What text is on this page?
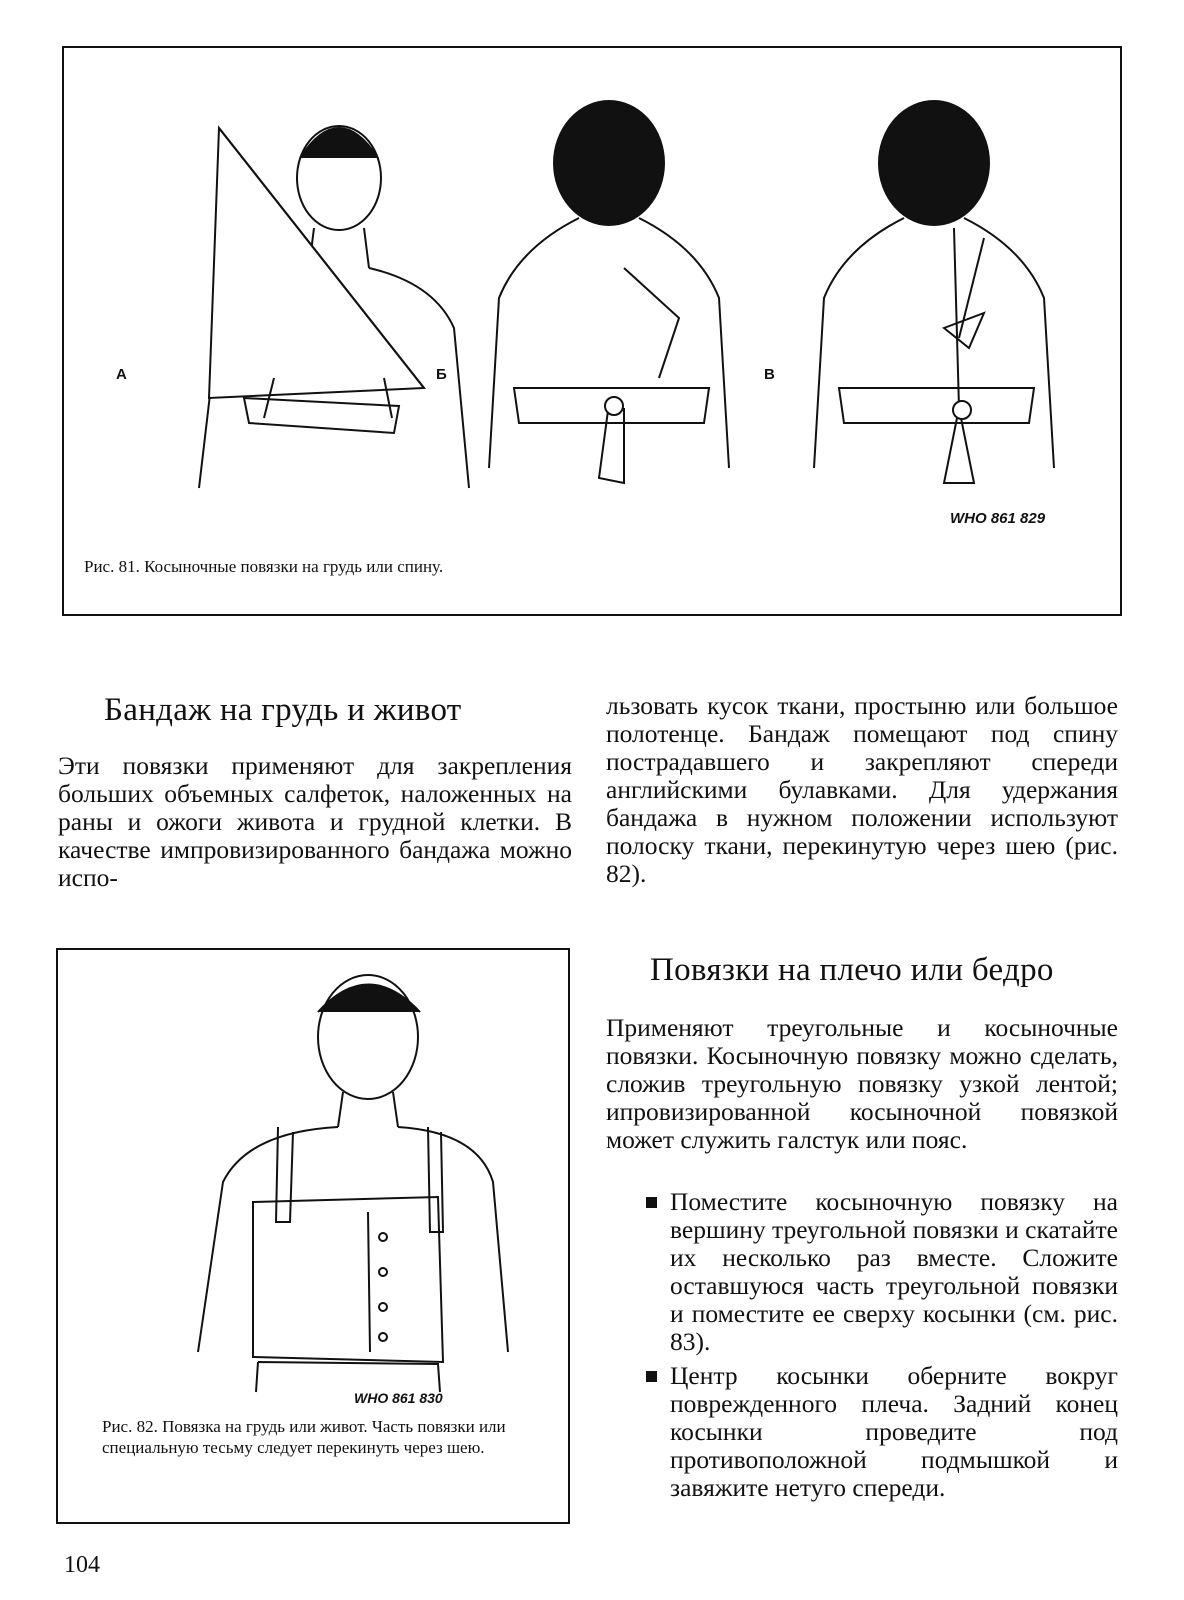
А	Б	В
WHO 861 829
Рис. 81. Косыночные повязки на грудь или спину.
Бандаж на грудь и живот

Эти повязки применяют для закрепления больших объемных салфеток, наложенных на раны и ожоги живота и грудной клетки. В качестве импровизированного бандажа можно испо-

льзовать кусок ткани, простыню или большое полотенце. Бандаж помещают под спину пострадавшего и закрепляют спереди английскими булавками. Для удержания бандажа в нужном положении используют полоску ткани, перекинутую через шею (рис. 82).

WHO 861 830
Рис. 82. Повязка на грудь или живот. Часть повязки или специальную тесьму следует перекинуть через шею.
Повязки на плечо или бедро

Применяют треугольные и косыночные повязки. Косыночную повязку можно сделать, сложив треугольную повязку узкой лентой; ипровизированной косыночной повязкой может служить галстук или пояс.

Поместите косыночную повязку на вершину треугольной повязки и скатайте их несколько раз вместе. Сложите оставшуюся часть треугольной повязки и поместите ее сверху косынки (см. рис. 83).
Центр косынки оберните вокруг поврежденного плеча. Задний конец косынки проведите под противоположной подмышкой и завяжите нетуго спереди.
104
